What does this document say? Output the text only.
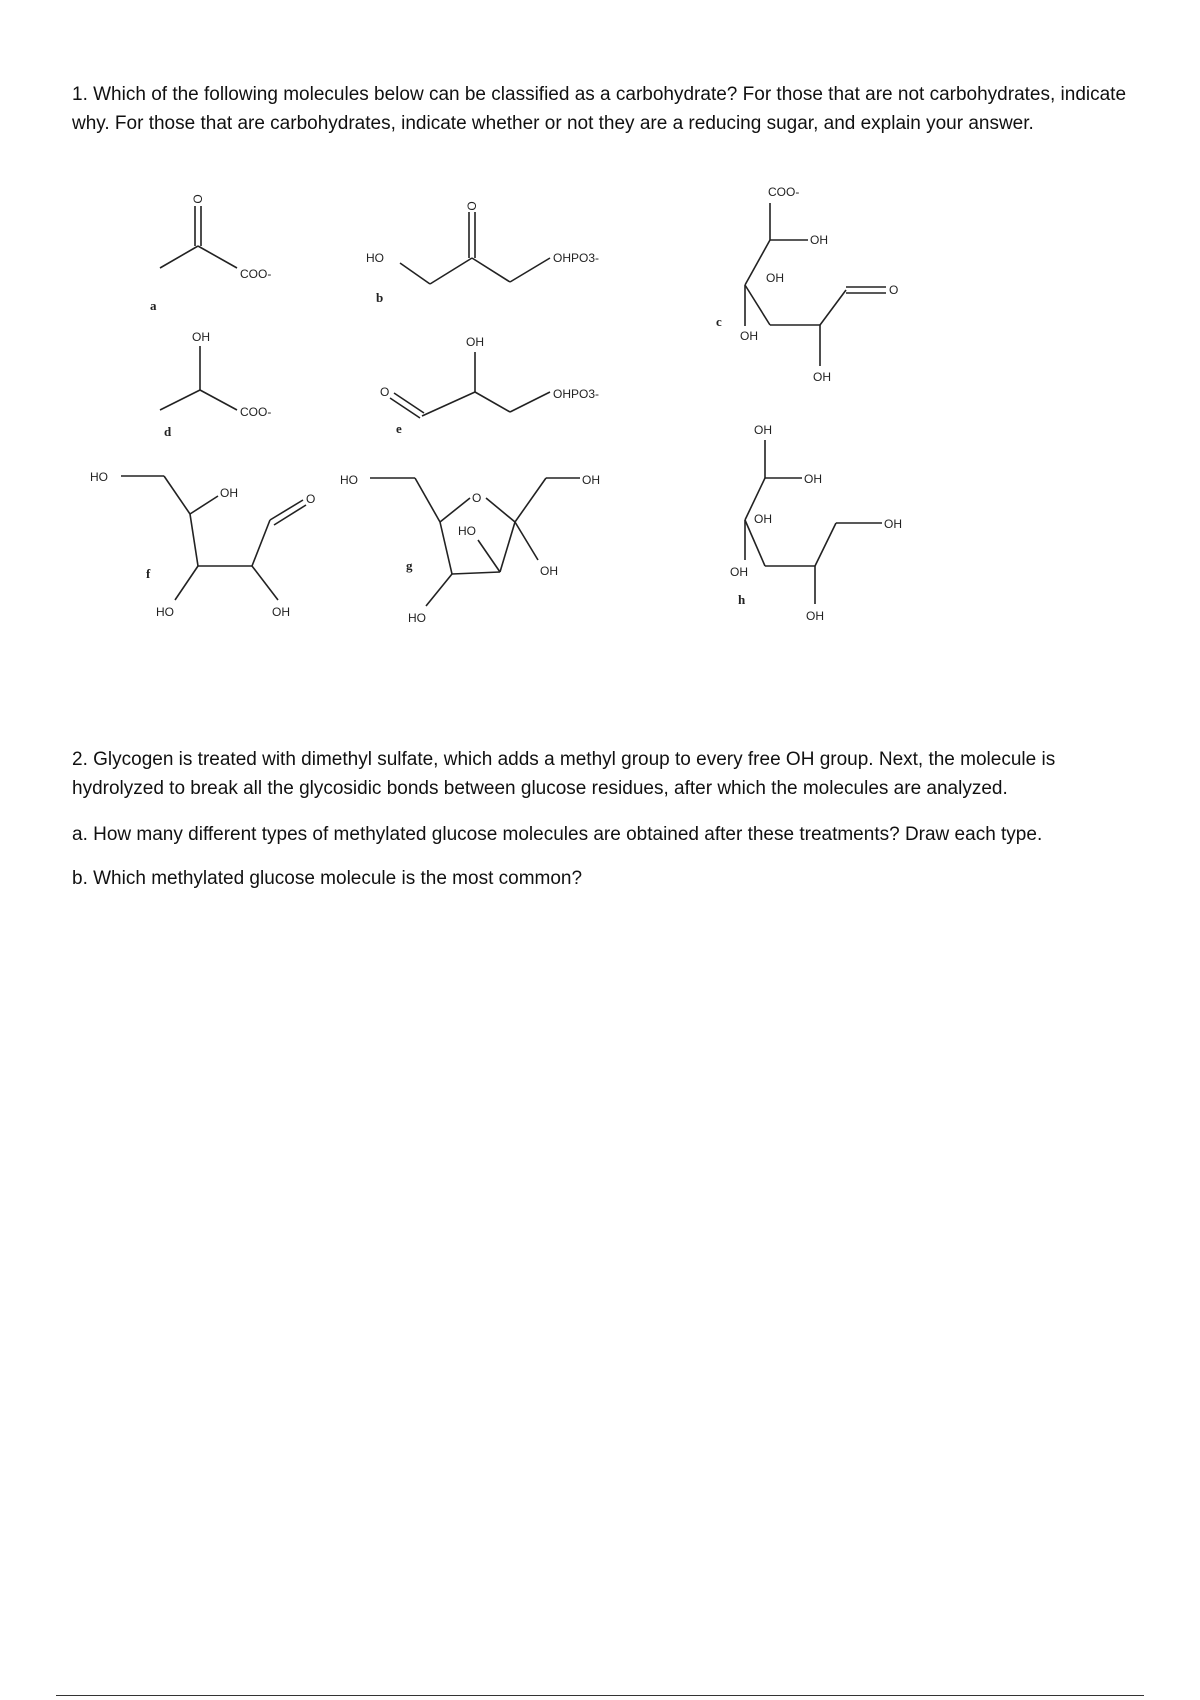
1. Which of the following molecules below can be classified as a carbohydrate? For those that are not carbohydrates, indicate why. For those that are carbohydrates, indicate whether or not they are a reducing sugar, and explain your answer.

O
COO-
a
O
HO	OHPO3-
b
COO-
OH
OH
OH
O
OH
c
OH
COO-
d
OH
O	OHPO3-
e
HO
OH
HO
O
OH
f
HO
O
HO
OH
OH
HO
g
OH
OH
OH
OH
OH
OH
h

2. Glycogen is treated with dimethyl sulfate, which adds a methyl group to every free OH group. Next, the molecule is hydrolyzed to break all the glycosidic bonds between glucose residues, after which the molecules are analyzed.

a. How many different types of methylated glucose molecules are obtained after these treatments? Draw each type.

b. Which methylated glucose molecule is the most common?
